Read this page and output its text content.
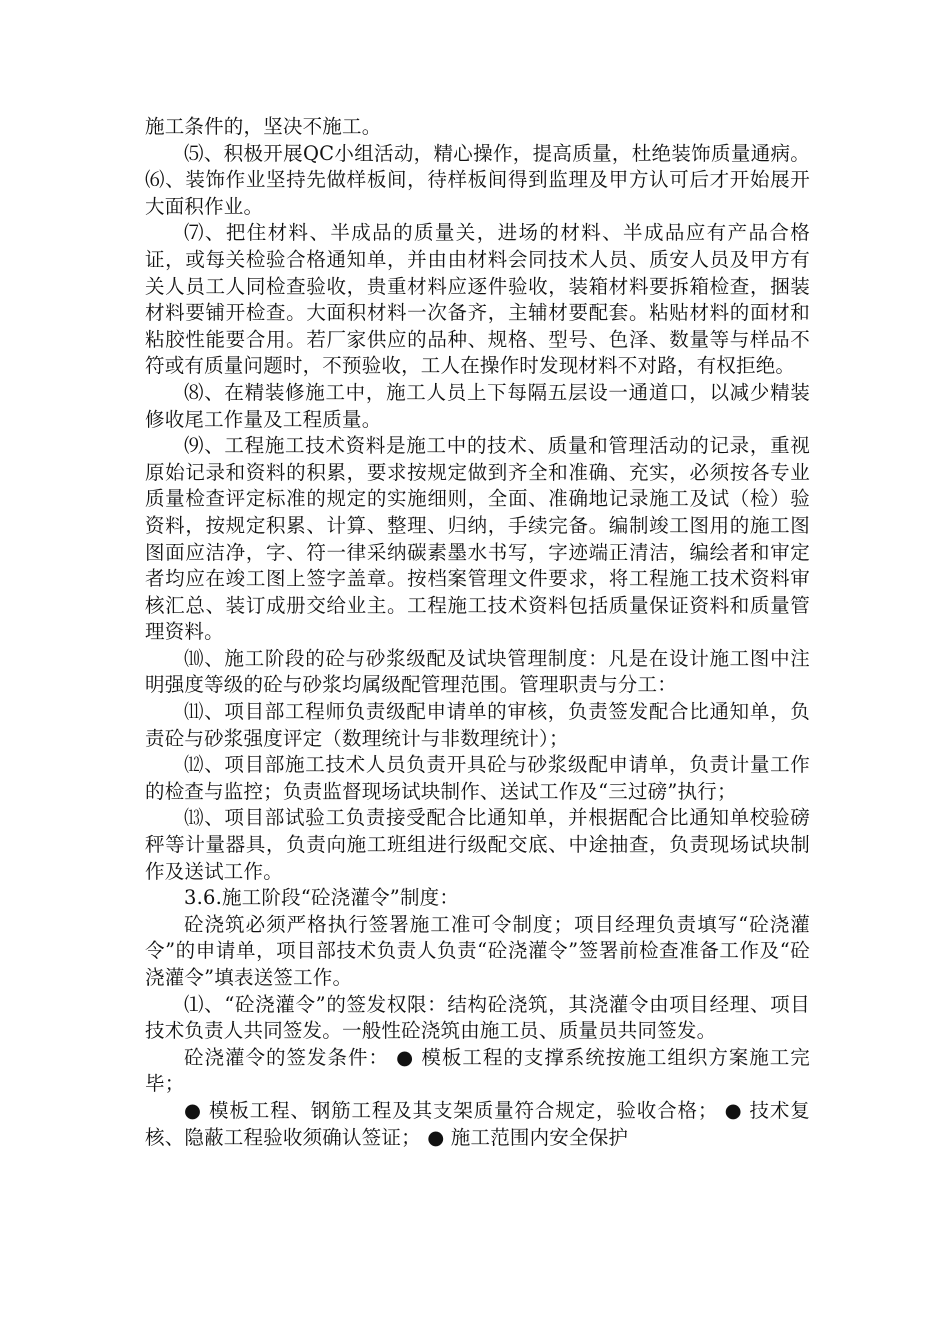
施工条件的，坚决不施工。

⑸、积极开展QC小组活动，精心操作，提高质量，杜绝装饰质量通病。 ⑹、装饰作业坚持先做样板间，待样板间得到监理及甲方认可后才开始展开大面积作业。

⑺、把住材料、半成品的质量关，进场的材料、半成品应有产品合格证，或每关检验合格通知单，并由由材料会同技术人员、质安人员及甲方有关人员工人同检查验收，贵重材料应逐件验收，装箱材料要拆箱检查，捆装材料要铺开检查。大面积材料一次备齐，主辅材要配套。粘贴材料的面材和粘胶性能要合用。若厂家供应的品种、规格、型号、色泽、数量等与样品不符或有质量问题时，不预验收，工人在操作时发现材料不对路，有权拒绝。

⑻、在精装修施工中，施工人员上下每隔五层设一通道口，以减少精装修收尾工作量及工程质量。

⑼、工程施工技术资料是施工中的技术、质量和管理活动的记录，重视原始记录和资料的积累，要求按规定做到齐全和准确、充实，必须按各专业质量检查评定标准的规定的实施细则，全面、准确地记录施工及试（检）验资料，按规定积累、计算、整理、归纳，手续完备。编制竣工图用的施工图图面应洁净，字、符一律采纳碳素墨水书写，字迹端正清洁，编绘者和审定者均应在竣工图上签字盖章。按档案管理文件要求，将工程施工技术资料审核汇总、装订成册交给业主。工程施工技术资料包括质量保证资料和质量管理资料。

⑽、施工阶段的砼与砂浆级配及试块管理制度：凡是在设计施工图中注明强度等级的砼与砂浆均属级配管理范围。管理职责与分工：

⑾、项目部工程师负责级配申请单的审核，负责签发配合比通知单，负责砼与砂浆强度评定（数理统计与非数理统计）；

⑿、项目部施工技术人员负责开具砼与砂浆级配申请单，负责计量工作的检查与监控；负责监督现场试块制作、送试工作及“三过磅”执行；

⒀、项目部试验工负责接受配合比通知单，并根据配合比通知单校验磅秤等计量器具，负责向施工班组进行级配交底、中途抽查，负责现场试块制作及送试工作。

3.6.施工阶段“砼浇灌令”制度：

砼浇筑必须严格执行签署施工准可令制度；项目经理负责填写“砼浇灌令”的申请单，项目部技术负责人负责“砼浇灌令”签署前检查准备工作及“砼浇灌令”填表送签工作。

⑴、“砼浇灌令”的签发权限：结构砼浇筑，其浇灌令由项目经理、项目技术负责人共同签发。一般性砼浇筑由施工员、质量员共同签发。

砼浇灌令的签发条件： ● 模板工程的支撑系统按施工组织方案施工完毕；

● 模板工程、钢筋工程及其支架质量符合规定，验收合格； ● 技术复核、隐蔽工程验收须确认签证； ● 施工范围内安全保护
